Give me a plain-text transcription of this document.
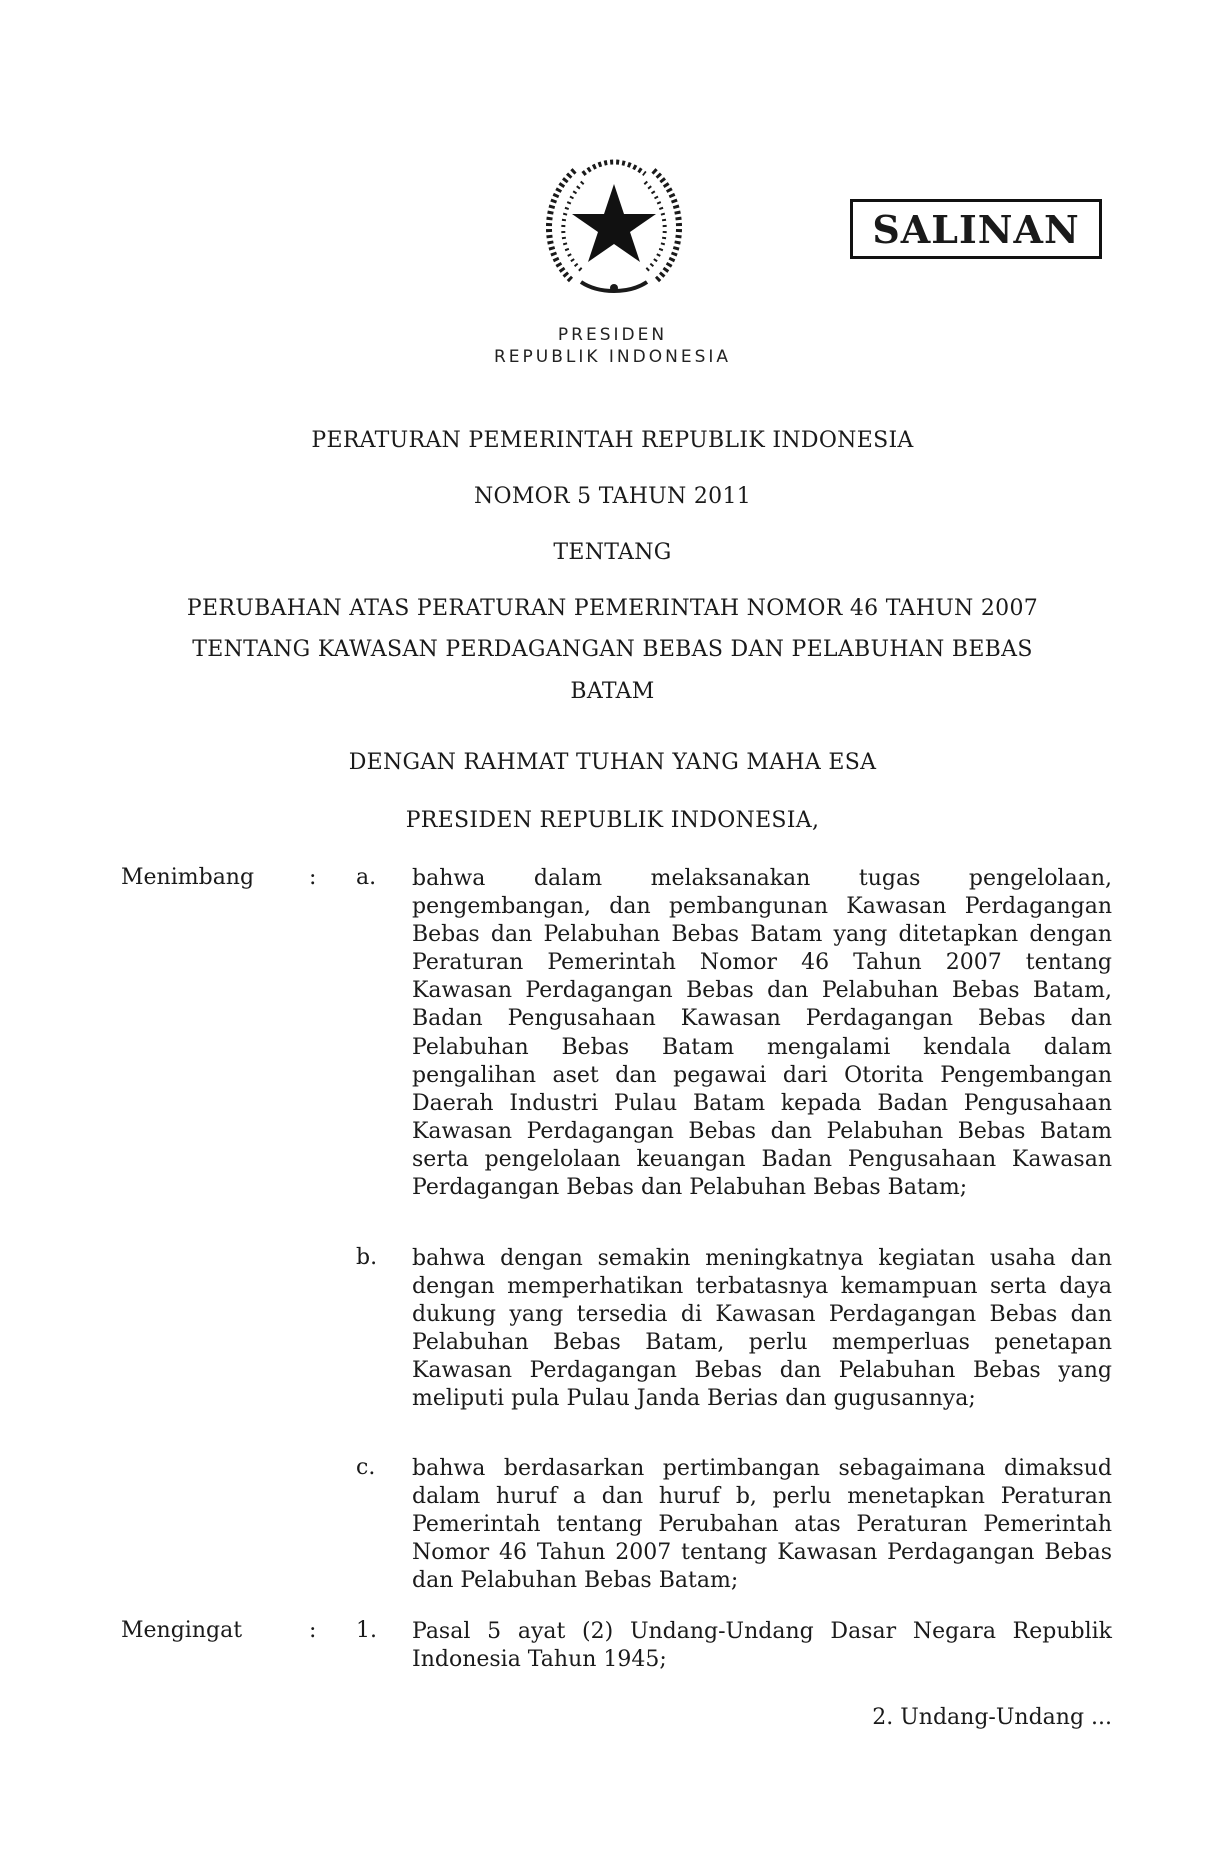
SALINAN
PRESIDEN
REPUBLIK INDONESIA
PERATURAN PEMERINTAH REPUBLIK INDONESIA
NOMOR 5 TAHUN 2011
TENTANG
PERUBAHAN ATAS PERATURAN PEMERINTAH NOMOR 46 TAHUN 2007
TENTANG KAWASAN PERDAGANGAN BEBAS DAN PELABUHAN BEBAS
BATAM
DENGAN RAHMAT TUHAN YANG MAHA ESA
PRESIDEN REPUBLIK INDONESIA,
Menimbang : a. bahwa dalam melaksanakan tugas pengelolaan, pengembangan, dan pembangunan Kawasan Perdagangan Bebas dan Pelabuhan Bebas Batam yang ditetapkan dengan Peraturan Pemerintah Nomor 46 Tahun 2007 tentang Kawasan Perdagangan Bebas dan Pelabuhan Bebas Batam, Badan Pengusahaan Kawasan Perdagangan Bebas dan Pelabuhan Bebas Batam mengalami kendala dalam pengalihan aset dan pegawai dari Otorita Pengembangan Daerah Industri Pulau Batam kepada Badan Pengusahaan Kawasan Perdagangan Bebas dan Pelabuhan Bebas Batam serta pengelolaan keuangan Badan Pengusahaan Kawasan Perdagangan Bebas dan Pelabuhan Bebas Batam;
b. bahwa dengan semakin meningkatnya kegiatan usaha dan dengan memperhatikan terbatasnya kemampuan serta daya dukung yang tersedia di Kawasan Perdagangan Bebas dan Pelabuhan Bebas Batam, perlu memperluas penetapan Kawasan Perdagangan Bebas dan Pelabuhan Bebas yang meliputi pula Pulau Janda Berias dan gugusannya;
c. bahwa berdasarkan pertimbangan sebagaimana dimaksud dalam huruf a dan huruf b, perlu menetapkan Peraturan Pemerintah tentang Perubahan atas Peraturan Pemerintah Nomor 46 Tahun 2007 tentang Kawasan Perdagangan Bebas dan Pelabuhan Bebas Batam;
Mengingat	: 1. Pasal 5 ayat (2) Undang-Undang Dasar Negara Republik Indonesia Tahun 1945;
2. Undang-Undang ...
